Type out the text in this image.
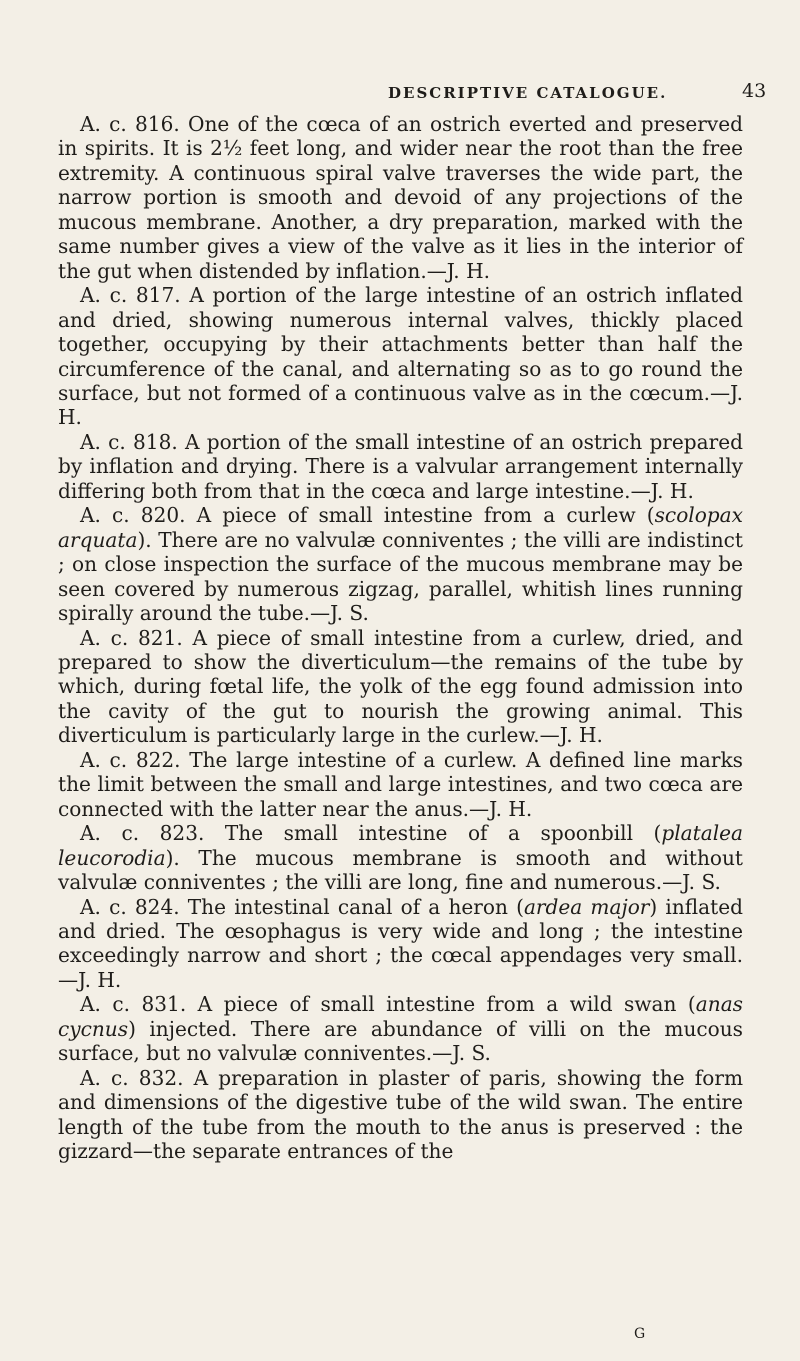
DESCRIPTIVE CATALOGUE.	43

A. c. 816. One of the cœca of an ostrich everted and preserved in spirits. It is 2½ feet long, and wider near the root than the free extremity. A continuous spiral valve traverses the wide part, the narrow portion is smooth and devoid of any projections of the mucous membrane. Another, a dry preparation, marked with the same number gives a view of the valve as it lies in the interior of the gut when distended by inflation.—J. H.

A. c. 817. A portion of the large intestine of an ostrich inflated and dried, showing numerous internal valves, thickly placed together, occupying by their attachments better than half the circumference of the canal, and alternating so as to go round the surface, but not formed of a continuous valve as in the cœcum.—J. H.

A. c. 818. A portion of the small intestine of an ostrich prepared by inflation and drying. There is a valvular arrangement internally differing both from that in the cœca and large intestine.—J. H.

A. c. 820. A piece of small intestine from a curlew (scolopax arquata). There are no valvulæ conniventes ; the villi are indistinct ; on close inspection the surface of the mucous membrane may be seen covered by numerous zigzag, parallel, whitish lines running spirally around the tube.—J. S.

A. c. 821. A piece of small intestine from a curlew, dried, and prepared to show the diverticulum—the remains of the tube by which, during fœtal life, the yolk of the egg found admission into the cavity of the gut to nourish the growing animal. This diverticulum is particularly large in the curlew.—J. H.

A. c. 822. The large intestine of a curlew. A defined line marks the limit between the small and large intestines, and two cœca are connected with the latter near the anus.—J. H.

A. c. 823. The small intestine of a spoonbill (platalea leucorodia). The mucous membrane is smooth and without valvulæ conniventes ; the villi are long, fine and numerous.—J. S.

A. c. 824. The intestinal canal of a heron (ardea major) inflated and dried. The œsophagus is very wide and long ; the intestine exceedingly narrow and short ; the cœcal appendages very small.—J. H.

A. c. 831. A piece of small intestine from a wild swan (anas cycnus) injected. There are abundance of villi on the mucous surface, but no valvulæ conniventes.—J. S.

A. c. 832. A preparation in plaster of paris, showing the form and dimensions of the digestive tube of the wild swan. The entire length of the tube from the mouth to the anus is preserved : the gizzard—the separate entrances of the

G
